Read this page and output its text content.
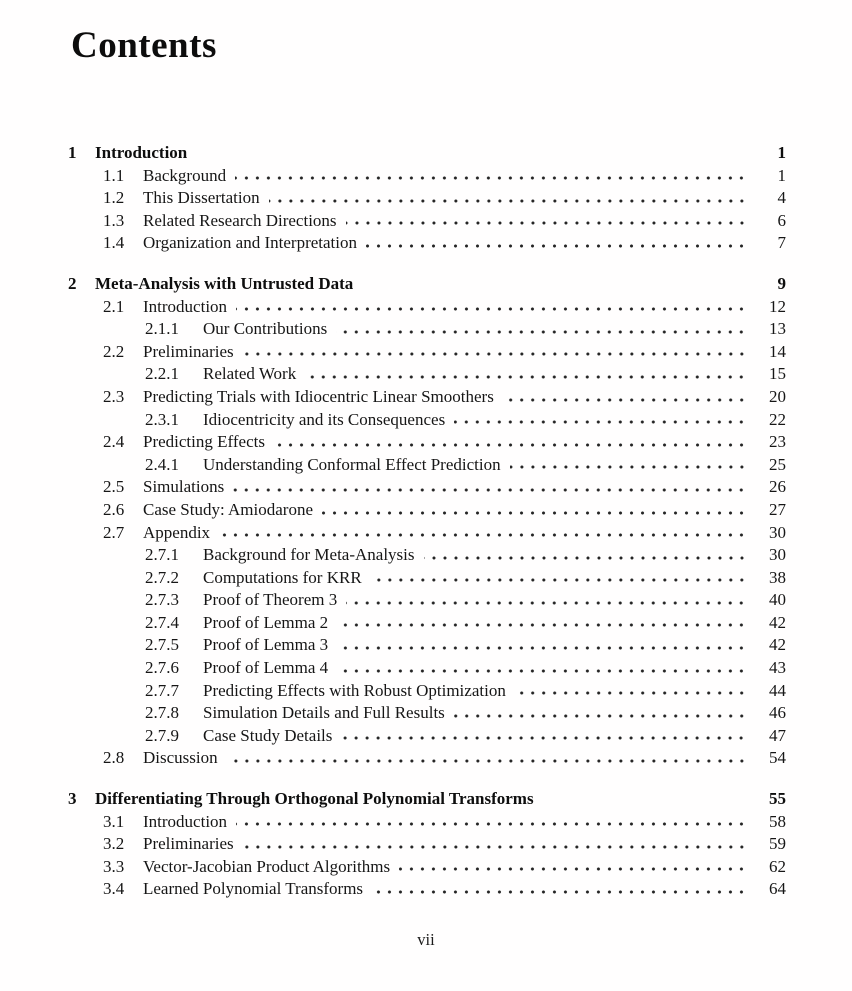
Contents
1	Introduction	1
1.1	Background	1
1.2	This Dissertation	4
1.3	Related Research Directions	6
1.4	Organization and Interpretation	7
2	Meta-Analysis with Untrusted Data	9
2.1	Introduction	12
2.1.1	Our Contributions	13
2.2	Preliminaries	14
2.2.1	Related Work	15
2.3	Predicting Trials with Idiocentric Linear Smoothers	20
2.3.1	Idiocentricity and its Consequences	22
2.4	Predicting Effects	23
2.4.1	Understanding Conformal Effect Prediction	25
2.5	Simulations	26
2.6	Case Study: Amiodarone	27
2.7	Appendix	30
2.7.1	Background for Meta-Analysis	30
2.7.2	Computations for KRR	38
2.7.3	Proof of Theorem 3	40
2.7.4	Proof of Lemma 2	42
2.7.5	Proof of Lemma 3	42
2.7.6	Proof of Lemma 4	43
2.7.7	Predicting Effects with Robust Optimization	44
2.7.8	Simulation Details and Full Results	46
2.7.9	Case Study Details	47
2.8	Discussion	54
3	Differentiating Through Orthogonal Polynomial Transforms	55
3.1	Introduction	58
3.2	Preliminaries	59
3.3	Vector-Jacobian Product Algorithms	62
3.4	Learned Polynomial Transforms	64
vii
